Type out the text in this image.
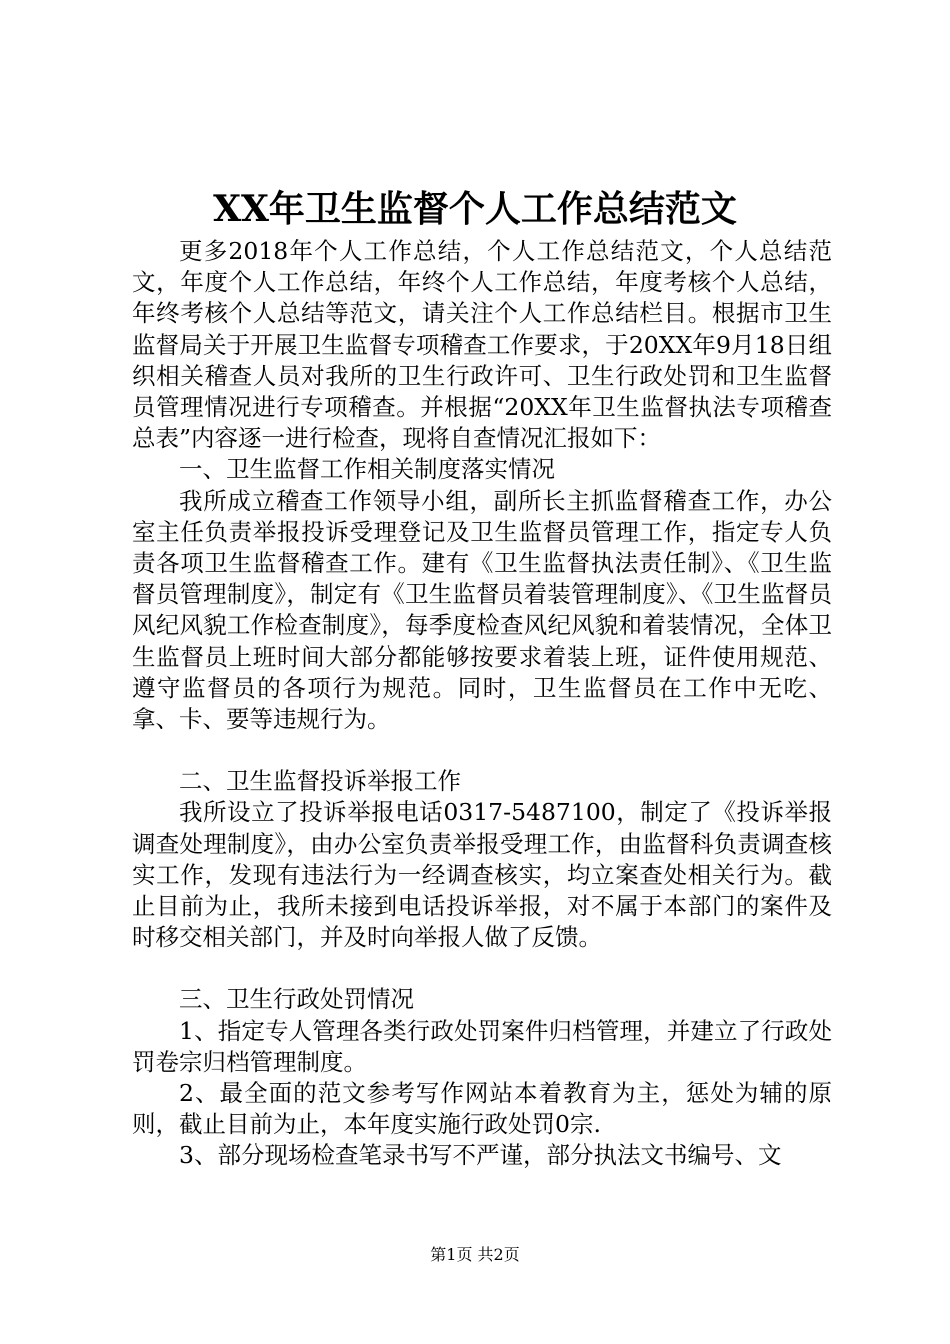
XX年卫生监督个人工作总结范文

更多2018年个人工作总结，个人工作总结范文，个人总结范文，年度个人工作总结，年终个人工作总结，年度考核个人总结，年终考核个人总结等范文，请关注个人工作总结栏目。根据市卫生监督局关于开展卫生监督专项稽查工作要求，于20XX年9月18日组织相关稽查人员对我所的卫生行政许可、卫生行政处罚和卫生监督员管理情况进行专项稽查。并根据“20XX年卫生监督执法专项稽查总表”内容逐一进行检查，现将自查情况汇报如下：

一、卫生监督工作相关制度落实情况

我所成立稽查工作领导小组，副所长主抓监督稽查工作，办公室主任负责举报投诉受理登记及卫生监督员管理工作，指定专人负责各项卫生监督稽查工作。建有《卫生监督执法责任制》、《卫生监督员管理制度》，制定有《卫生监督员着装管理制度》、《卫生监督员风纪风貌工作检查制度》，每季度检查风纪风貌和着装情况，全体卫生监督员上班时间大部分都能够按要求着装上班，证件使用规范、遵守监督员的各项行为规范。同时，卫生监督员在工作中无吃、拿、卡、要等违规行为。

二、卫生监督投诉举报工作

我所设立了投诉举报电话0317-5487100，制定了《投诉举报调查处理制度》，由办公室负责举报受理工作，由监督科负责调查核实工作，发现有违法行为一经调查核实，均立案查处相关行为。截止目前为止，我所未接到电话投诉举报，对不属于本部门的案件及时移交相关部门，并及时向举报人做了反馈。

三、卫生行政处罚情况

1、指定专人管理各类行政处罚案件归档管理，并建立了行政处罚卷宗归档管理制度。

2、最全面的范文参考写作网站本着教育为主，惩处为辅的原则，截止目前为止，本年度实施行政处罚0宗.

3、部分现场检查笔录书写不严谨，部分执法文书编号、文

第1页 共2页
